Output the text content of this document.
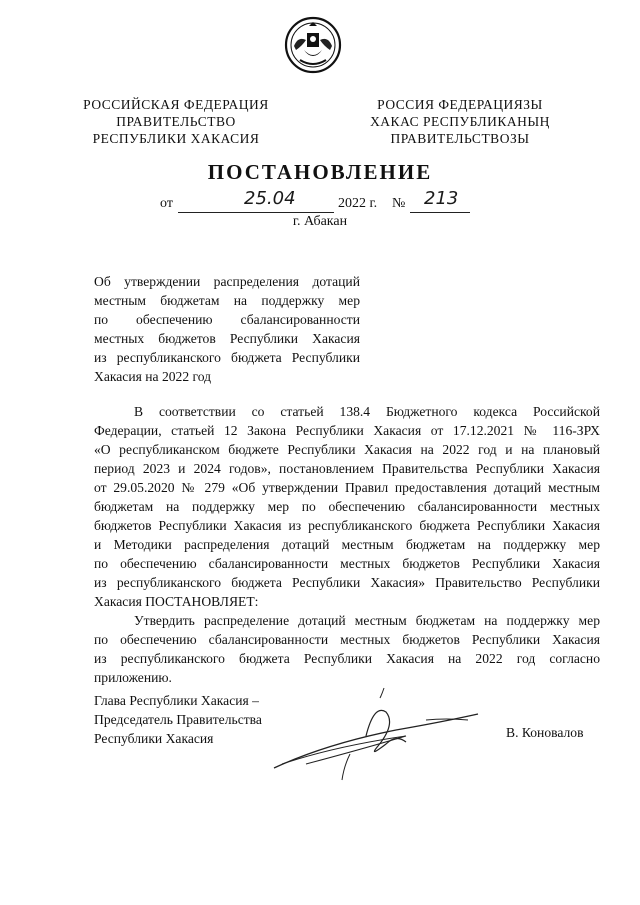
РОССИЙСКАЯ ФЕДЕРАЦИЯ
ПРАВИТЕЛЬСТВО
РЕСПУБЛИКИ ХАКАСИЯ
РОССИЯ ФЕДЕРАЦИЯЗЫ
ХАКАС РЕСПУБЛИКАНЫҢ
ПРАВИТЕЛЬСТВОЗЫ
ПОСТАНОВЛЕНИЕ
от	25.04	2022 г. № 213
г. Абакан
Об утверждении распределения дотаций
местным бюджетам на поддержку мер
по обеспечению сбалансированности
местных бюджетов Республики Хакасия
из республиканского бюджета Республики
Хакасия на 2022 год
В соответствии со статьей 138.4 Бюджетного кодекса Российской
Федерации, статьей 12 Закона Республики Хакасия от 17.12.2021 № 116-ЗРХ
«О республиканском бюджете Республики Хакасия на 2022 год и на плановый
период 2023 и 2024 годов», постановлением Правительства Республики Хакасия
от 29.05.2020 № 279 «Об утверждении Правил предоставления дотаций местным
бюджетам на поддержку мер по обеспечению сбалансированности местных
бюджетов Республики Хакасия из республиканского бюджета Республики Хакасия
и Методики распределения дотаций местным бюджетам на поддержку мер
по обеспечению сбалансированности местных бюджетов Республики Хакасия
из республиканского бюджета Республики Хакасия» Правительство Республики
Хакасия ПОСТАНОВЛЯЕТ:
Утвердить распределение дотаций местным бюджетам на поддержку мер
по обеспечению сбалансированности местных бюджетов Республики Хакасия
из республиканского бюджета Республики Хакасия на 2022 год согласно
приложению.
Глава Республики Хакасия –
Председатель Правительства
Республики Хакасия	В. Коновалов
